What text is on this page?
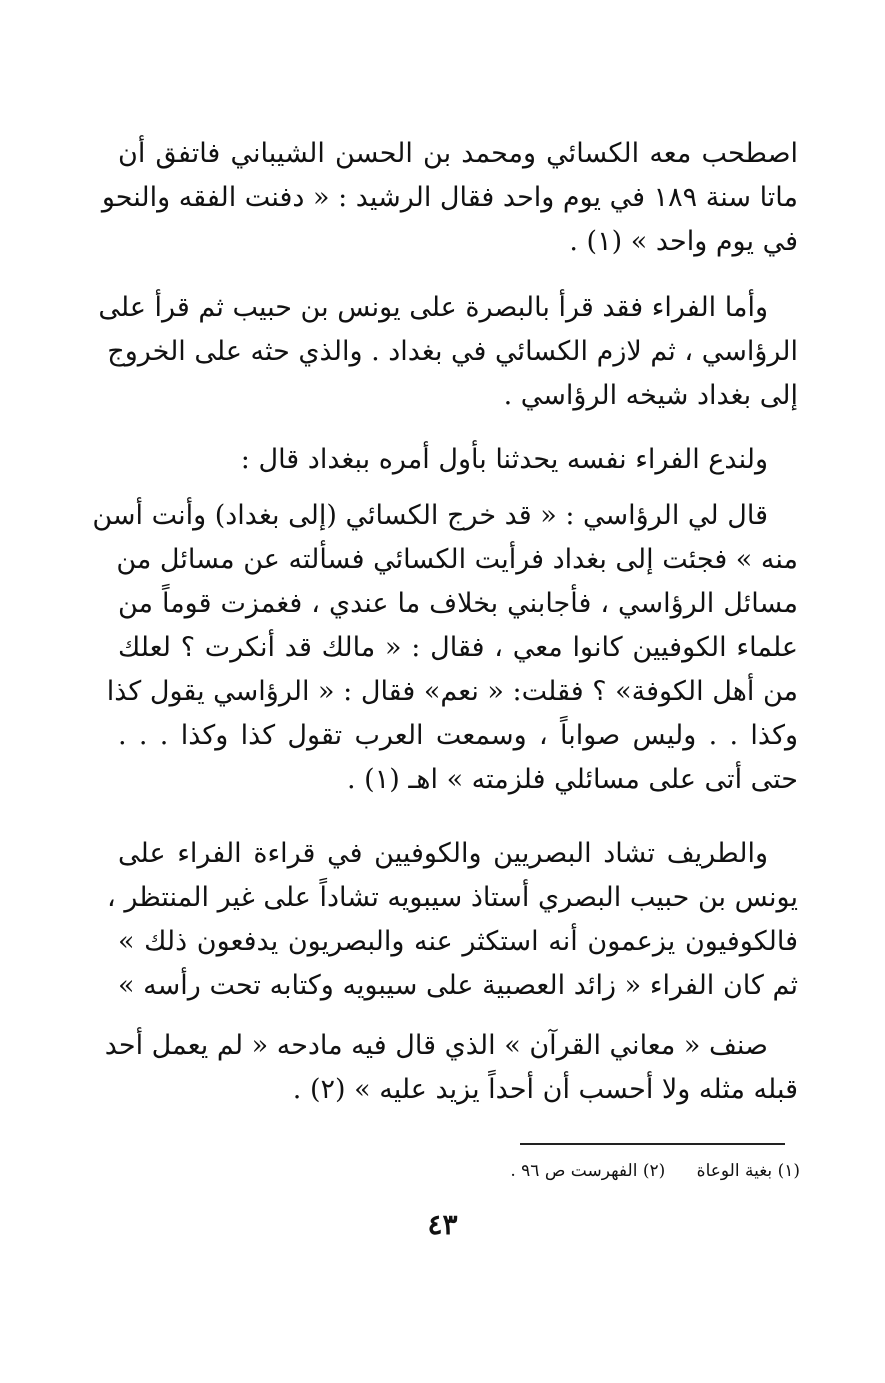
اصطحب معه الكسائي ومحمد بن الحسن الشيباني فاتفق أن
ماتا سنة ١٨٩ في يوم واحد فقال الرشيد : « دفنت الفقه والنحو
في يوم واحد » (١) .
وأما الفراء فقد قرأ بالبصرة على يونس بن حبيب ثم قرأ على
الرؤاسي ، ثم لازم الكسائي في بغداد . والذي حثه على الخروج
إلى بغداد شيخه الرؤاسي .
ولندع الفراء نفسه يحدثنا بأول أمره ببغداد قال :
قال لي الرؤاسي : « قد خرج الكسائي (إلى بغداد) وأنت أسن
منه » فجئت إلى بغداد فرأيت الكسائي فسألته عن مسائل من
مسائل الرؤاسي ، فأجابني بخلاف ما عندي ، فغمزت قوماً من
علماء الكوفيين كانوا معي ، فقال : « مالك قد أنكرت ؟ لعلك
من أهل الكوفة» ؟ فقلت: « نعم» فقال : « الرؤاسي يقول كذا
وكذا . . وليس صواباً ، وسمعت العرب تقول كذا وكذا . . .
حتى أتى على مسائلي فلزمته » اهـ (١) .
والطريف تشاد البصريين والكوفيين في قراءة الفراء على
يونس بن حبيب البصري أستاذ سيبويه تشاداً على غير المنتظر ،
فالكوفيون يزعمون أنه استكثر عنه والبصريون يدفعون ذلك »
ثم كان الفراء « زائد العصبية على سيبويه وكتابه تحت رأسه »
صنف « معاني القرآن » الذي قال فيه مادحه « لم يعمل أحد
قبله مثله ولا أحسب أن أحداً يزيد عليه » (٢) .
(١) بغية الوعاة (٢) الفهرست ص ٩٦ .
٤٣
